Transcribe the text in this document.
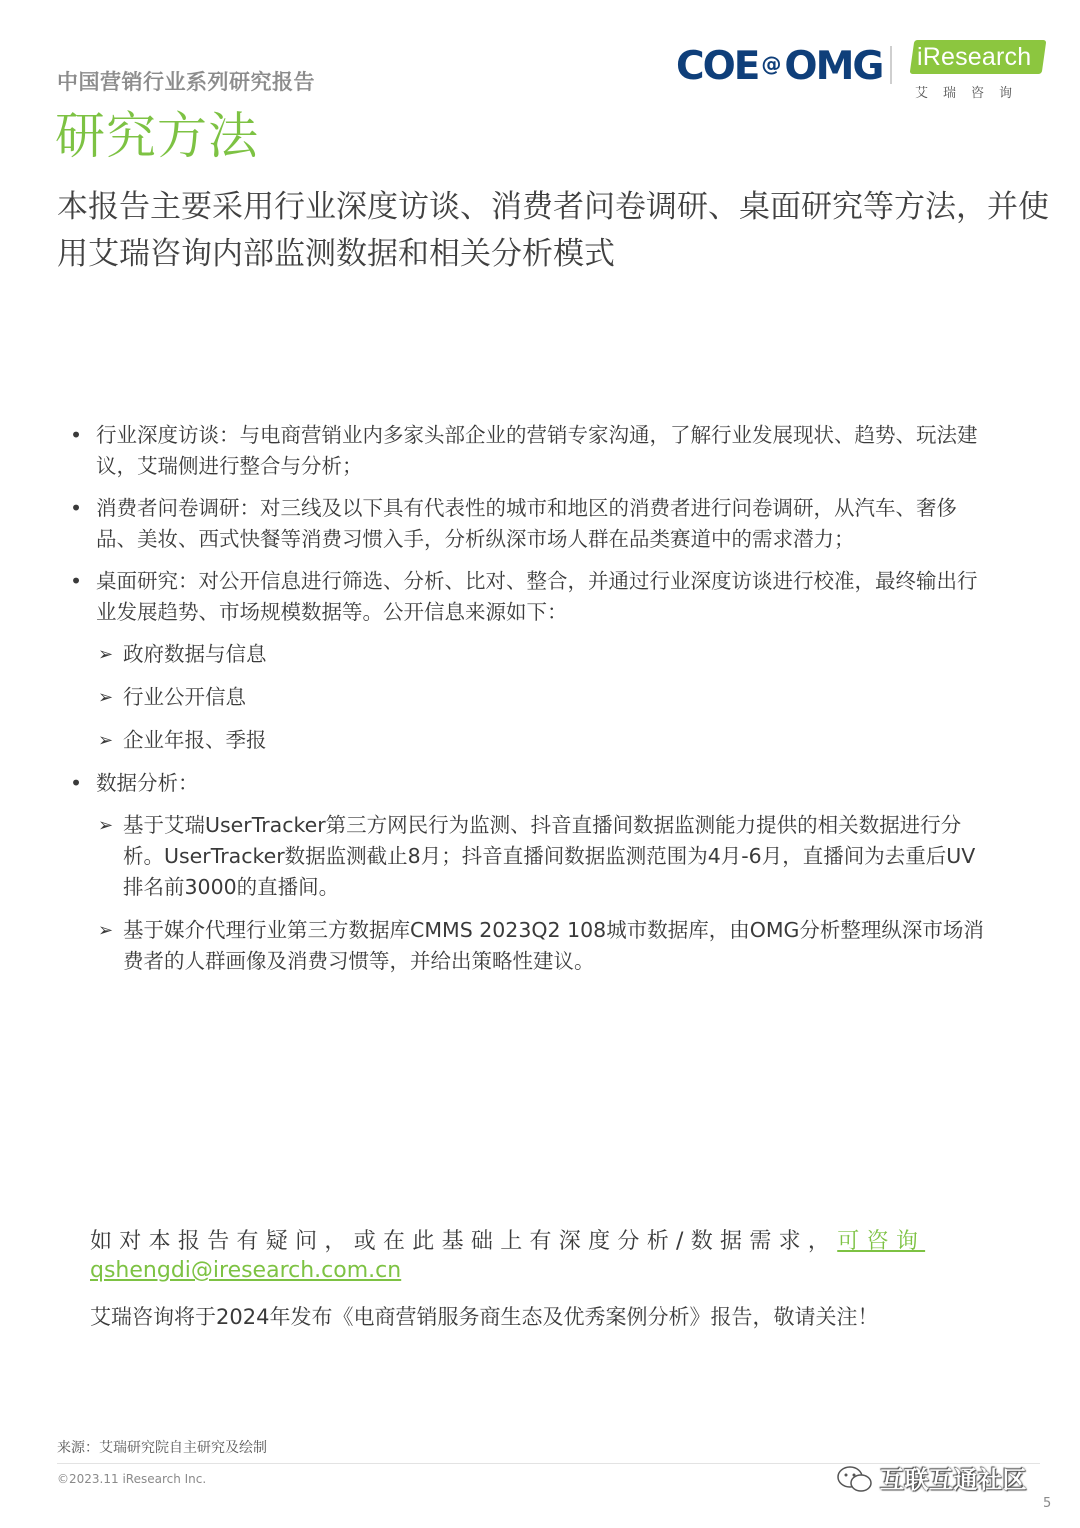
中国营销行业系列研究报告
研究方法
COE @OMG iResearch
艾瑞咨询
本报告主要采用行业深度访谈、消费者问卷调研、桌面研究等方法，并使用艾瑞咨询内部监测数据和相关分析模式
• 行业深度访谈：与电商营销业内多家头部企业的营销专家沟通，了解行业发展现状、趋势、玩法建议，艾瑞侧进行整合与分析；
• 消费者问卷调研：对三线及以下具有代表性的城市和地区的消费者进行问卷调研，从汽车、奢侈品、美妆、西式快餐等消费习惯入手，分析纵深市场人群在品类赛道中的需求潜力；
• 桌面研究：对公开信息进行筛选、分析、比对、整合，并通过行业深度访谈进行校准，最终输出行业发展趋势、市场规模数据等。公开信息来源如下：
➢ 政府数据与信息
➢ 行业公开信息
➢ 企业年报、季报
• 数据分析：
➢ 基于艾瑞UserTracker第三方网民行为监测、抖音直播间数据监测能力提供的相关数据进行分析。UserTracker数据监测截止8月；抖音直播间数据监测范围为4月-6月，直播间为去重后UV排名前3000的直播间。
➢ 基于媒介代理行业第三方数据库CMMS 2023Q2 108城市数据库，由OMG分析整理纵深市场消费者的人群画像及消费习惯等，并给出策略性建议。
如对本报告有疑问，或在此基础上有深度分析/数据需求，可咨询
qshengdi@iresearch.com.cn
艾瑞咨询将于2024年发布《电商营销服务商生态及优秀案例分析》报告，敬请关注！
来源：艾瑞研究院自主研究及绘制
©2023.11 iResearch Inc.	互联互通社区
5
